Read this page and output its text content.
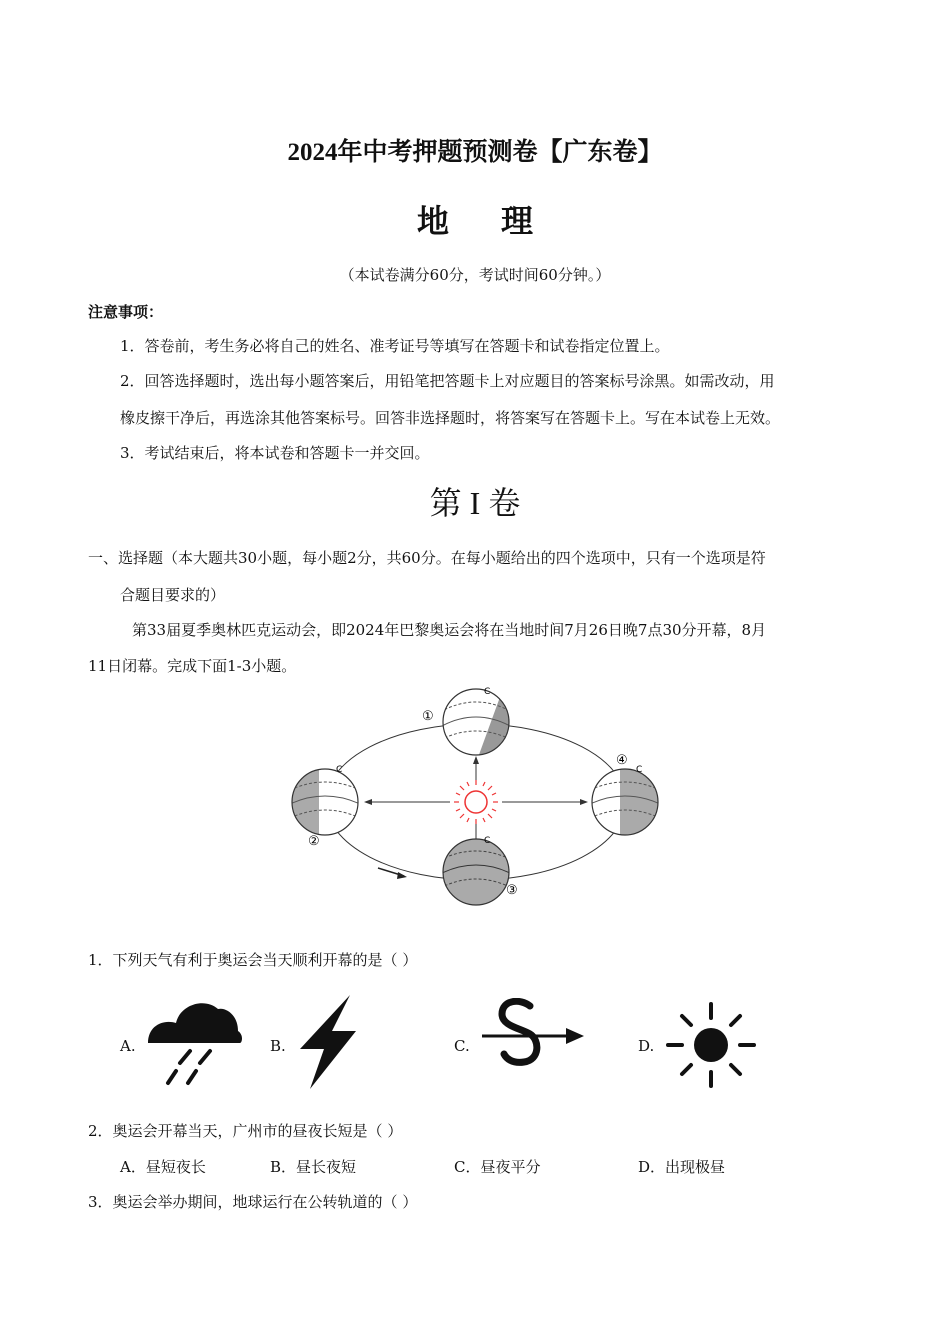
2024年中考押题预测卷【广东卷】
地理
（本试卷满分60分，考试时间60分钟。）
注意事项：
1．答卷前，考生务必将自己的姓名、准考证号等填写在答题卡和试卷指定位置上。
2．回答选择题时，选出每小题答案后，用铅笔把答题卡上对应题目的答案标号涂黑。如需改动，用
橡皮擦干净后，再选涂其他答案标号。回答非选择题时，将答案写在答题卡上。写在本试卷上无效。
3．考试结束后，将本试卷和答题卡一并交回。
第 I 卷
一、选择题（本大题共30小题，每小题2分，共60分。在每小题给出的四个选项中，只有一个选项是符
合题目要求的）
第33届夏季奥林匹克运动会，即2024年巴黎奥运会将在当地时间7月26日晚7点30分开幕，8月
11日闭幕。完成下面1-3小题。
C
①
C
②	C
③
C
④
1．下列天气有利于奥运会当天顺利开幕的是（ ）
A.	B.	C.	D.
2．奥运会开幕当天，广州市的昼夜长短是（ ）
A．昼短夜长	B．昼长夜短	C．昼夜平分	D．出现极昼
3．奥运会举办期间，地球运行在公转轨道的（ ）
